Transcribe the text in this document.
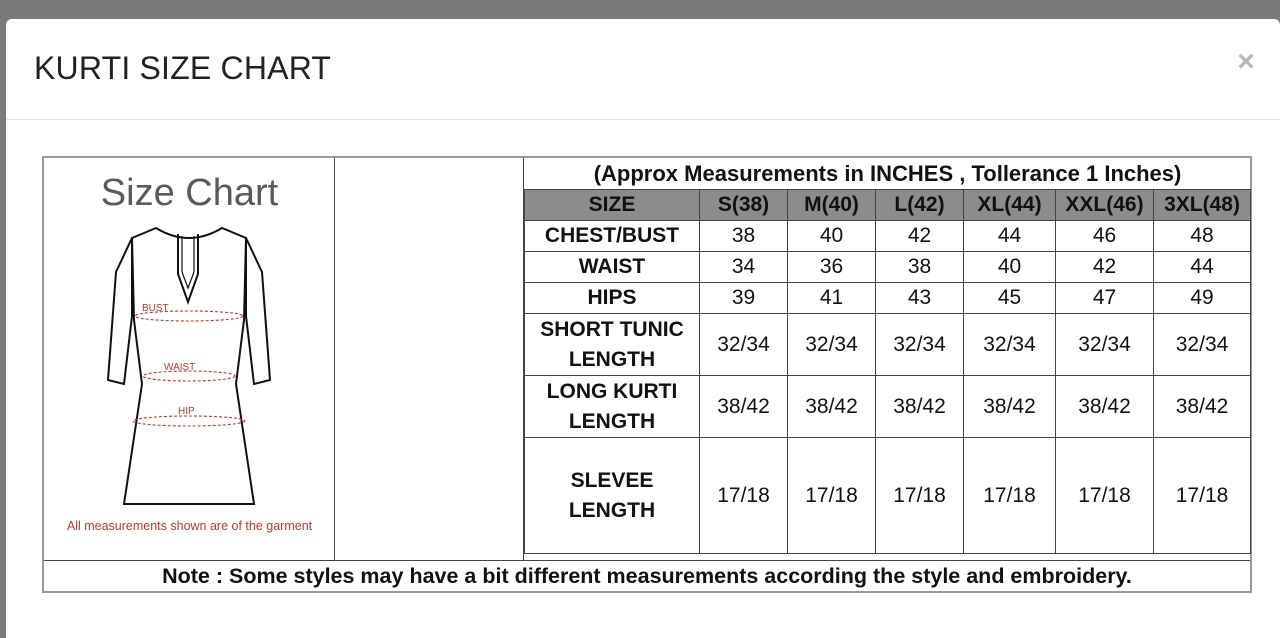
KURTI SIZE CHART	×
Size Chart
BUST
WAIST
HIP
All measurements shown are of the garment
(Approx Measurements in INCHES , Tollerance 1 Inches)						
SIZE	S(38)	M(40)	L(42)	XL(44)	XXL(46)	3XL(48)

CHEST/BUST	38	40	42	44	46	48

WAIST	34	36	38	40	42	44

HIPS	39	41	43	45	47	49

SHORT TUNIC
LENGTH	32/34	32/34	32/34	32/34	32/34	32/34

LONG KURTI
LENGTH	38/42	38/42	38/42	38/42	38/42	38/42

SLEVEE
LENGTH	17/18	17/18	17/18	17/18	17/18	17/18
Note : Some styles may have a bit different measurements according the style and embroidery.
